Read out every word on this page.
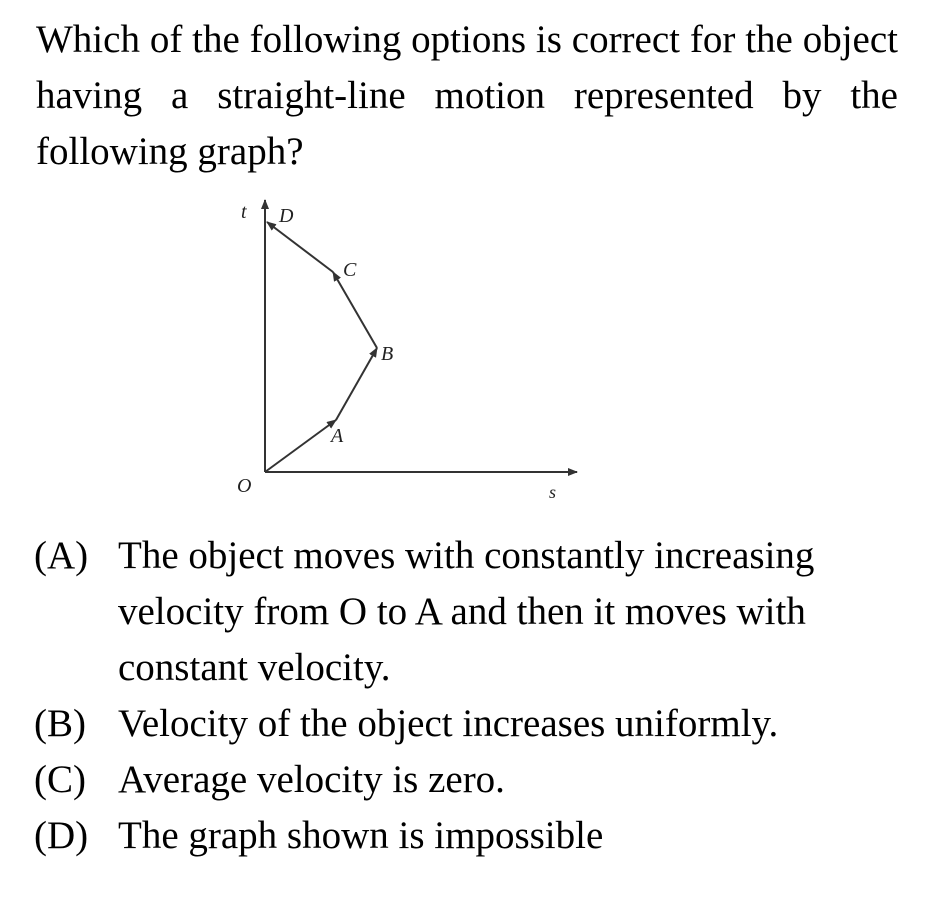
Which of the following options is correct for the object having a straight-line motion represented by the following graph?

t
s
O
A
B
C
D
(A) The object moves with constantly increasing velocity from O to A and then it moves with constant velocity.
(B) Velocity of the object increases uniformly.
(C) Average velocity is zero.
(D) The graph shown is impossible
